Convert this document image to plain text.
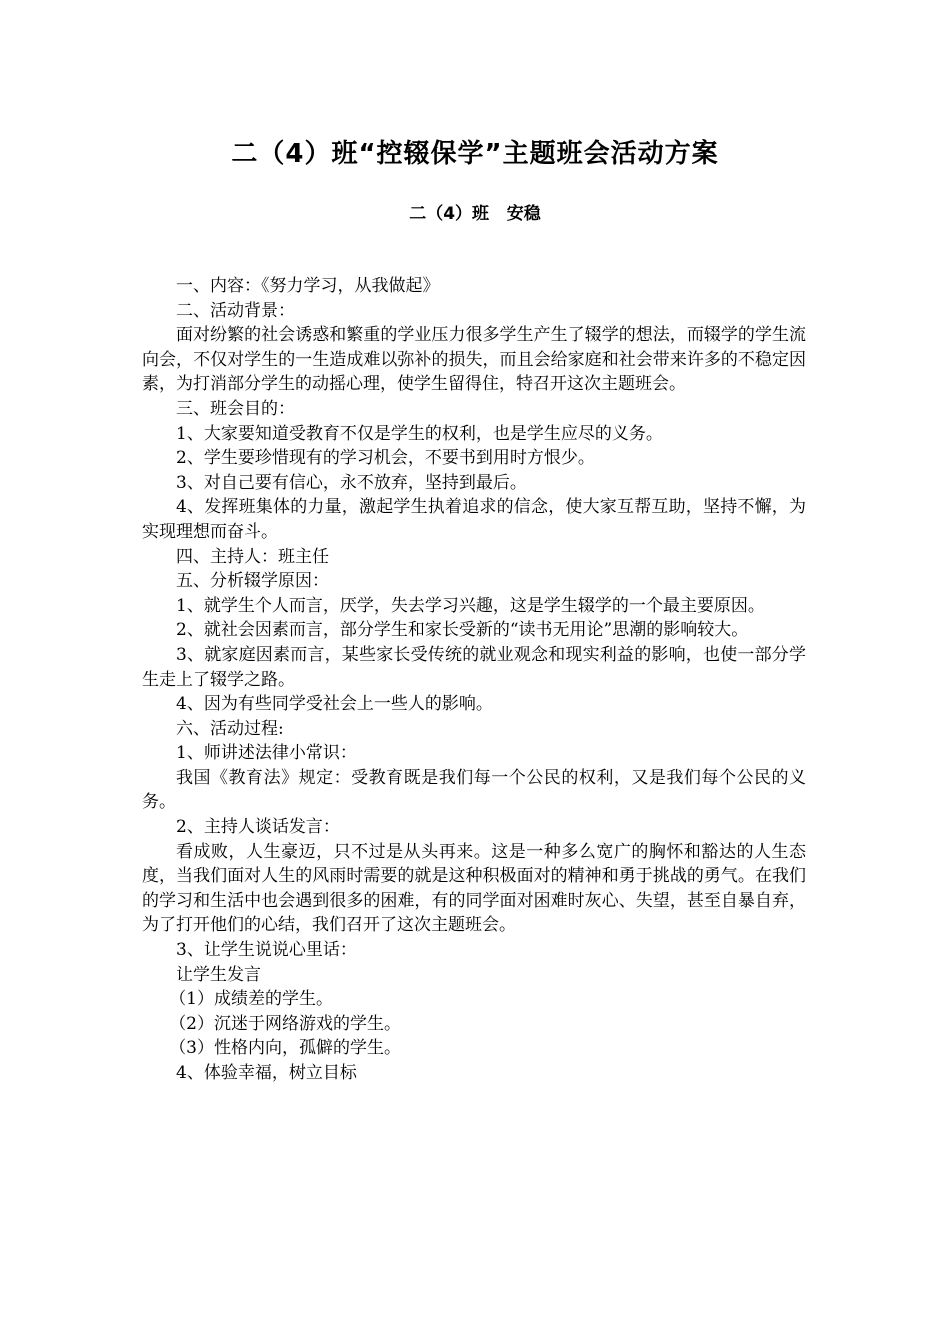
二（4）班“控辍保学”主题班会活动方案
二（4）班   安稳

一、内容：《努力学习，从我做起》

二、活动背景：

面对纷繁的社会诱惑和繁重的学业压力很多学生产生了辍学的想法，而辍学的学生流向会，不仅对学生的一生造成难以弥补的损失，而且会给家庭和社会带来许多的不稳定因素，为打消部分学生的动摇心理，使学生留得住，特召开这次主题班会。

三、班会目的：

1、大家要知道受教育不仅是学生的权利，也是学生应尽的义务。

2、学生要珍惜现有的学习机会，不要书到用时方恨少。

3、对自己要有信心，永不放弃，坚持到最后。

4、发挥班集体的力量，激起学生执着追求的信念，使大家互帮互助，坚持不懈，为实现理想而奋斗。

四、主持人：班主任

五、分析辍学原因：

1、就学生个人而言，厌学，失去学习兴趣，这是学生辍学的一个最主要原因。

2、就社会因素而言，部分学生和家长受新的“读书无用论”思潮的影响较大。

3、就家庭因素而言，某些家长受传统的就业观念和现实利益的影响，也使一部分学生走上了辍学之路。

4、因为有些同学受社会上一些人的影响。

六、活动过程:

1、师讲述法律小常识：

我国《教育法》规定：受教育既是我们每一个公民的权利，又是我们每个公民的义务。

2、主持人谈话发言：

看成败，人生豪迈，只不过是从头再来。这是一种多么宽广的胸怀和豁达的人生态度，当我们面对人生的风雨时需要的就是这种积极面对的精神和勇于挑战的勇气。在我们的学习和生活中也会遇到很多的困难，有的同学面对困难时灰心、失望，甚至自暴自弃，为了打开他们的心结，我们召开了这次主题班会。

3、让学生说说心里话：

让学生发言

（1）成绩差的学生。

（2）沉迷于网络游戏的学生。

（3）性格内向，孤僻的学生。

4、体验幸福，树立目标
